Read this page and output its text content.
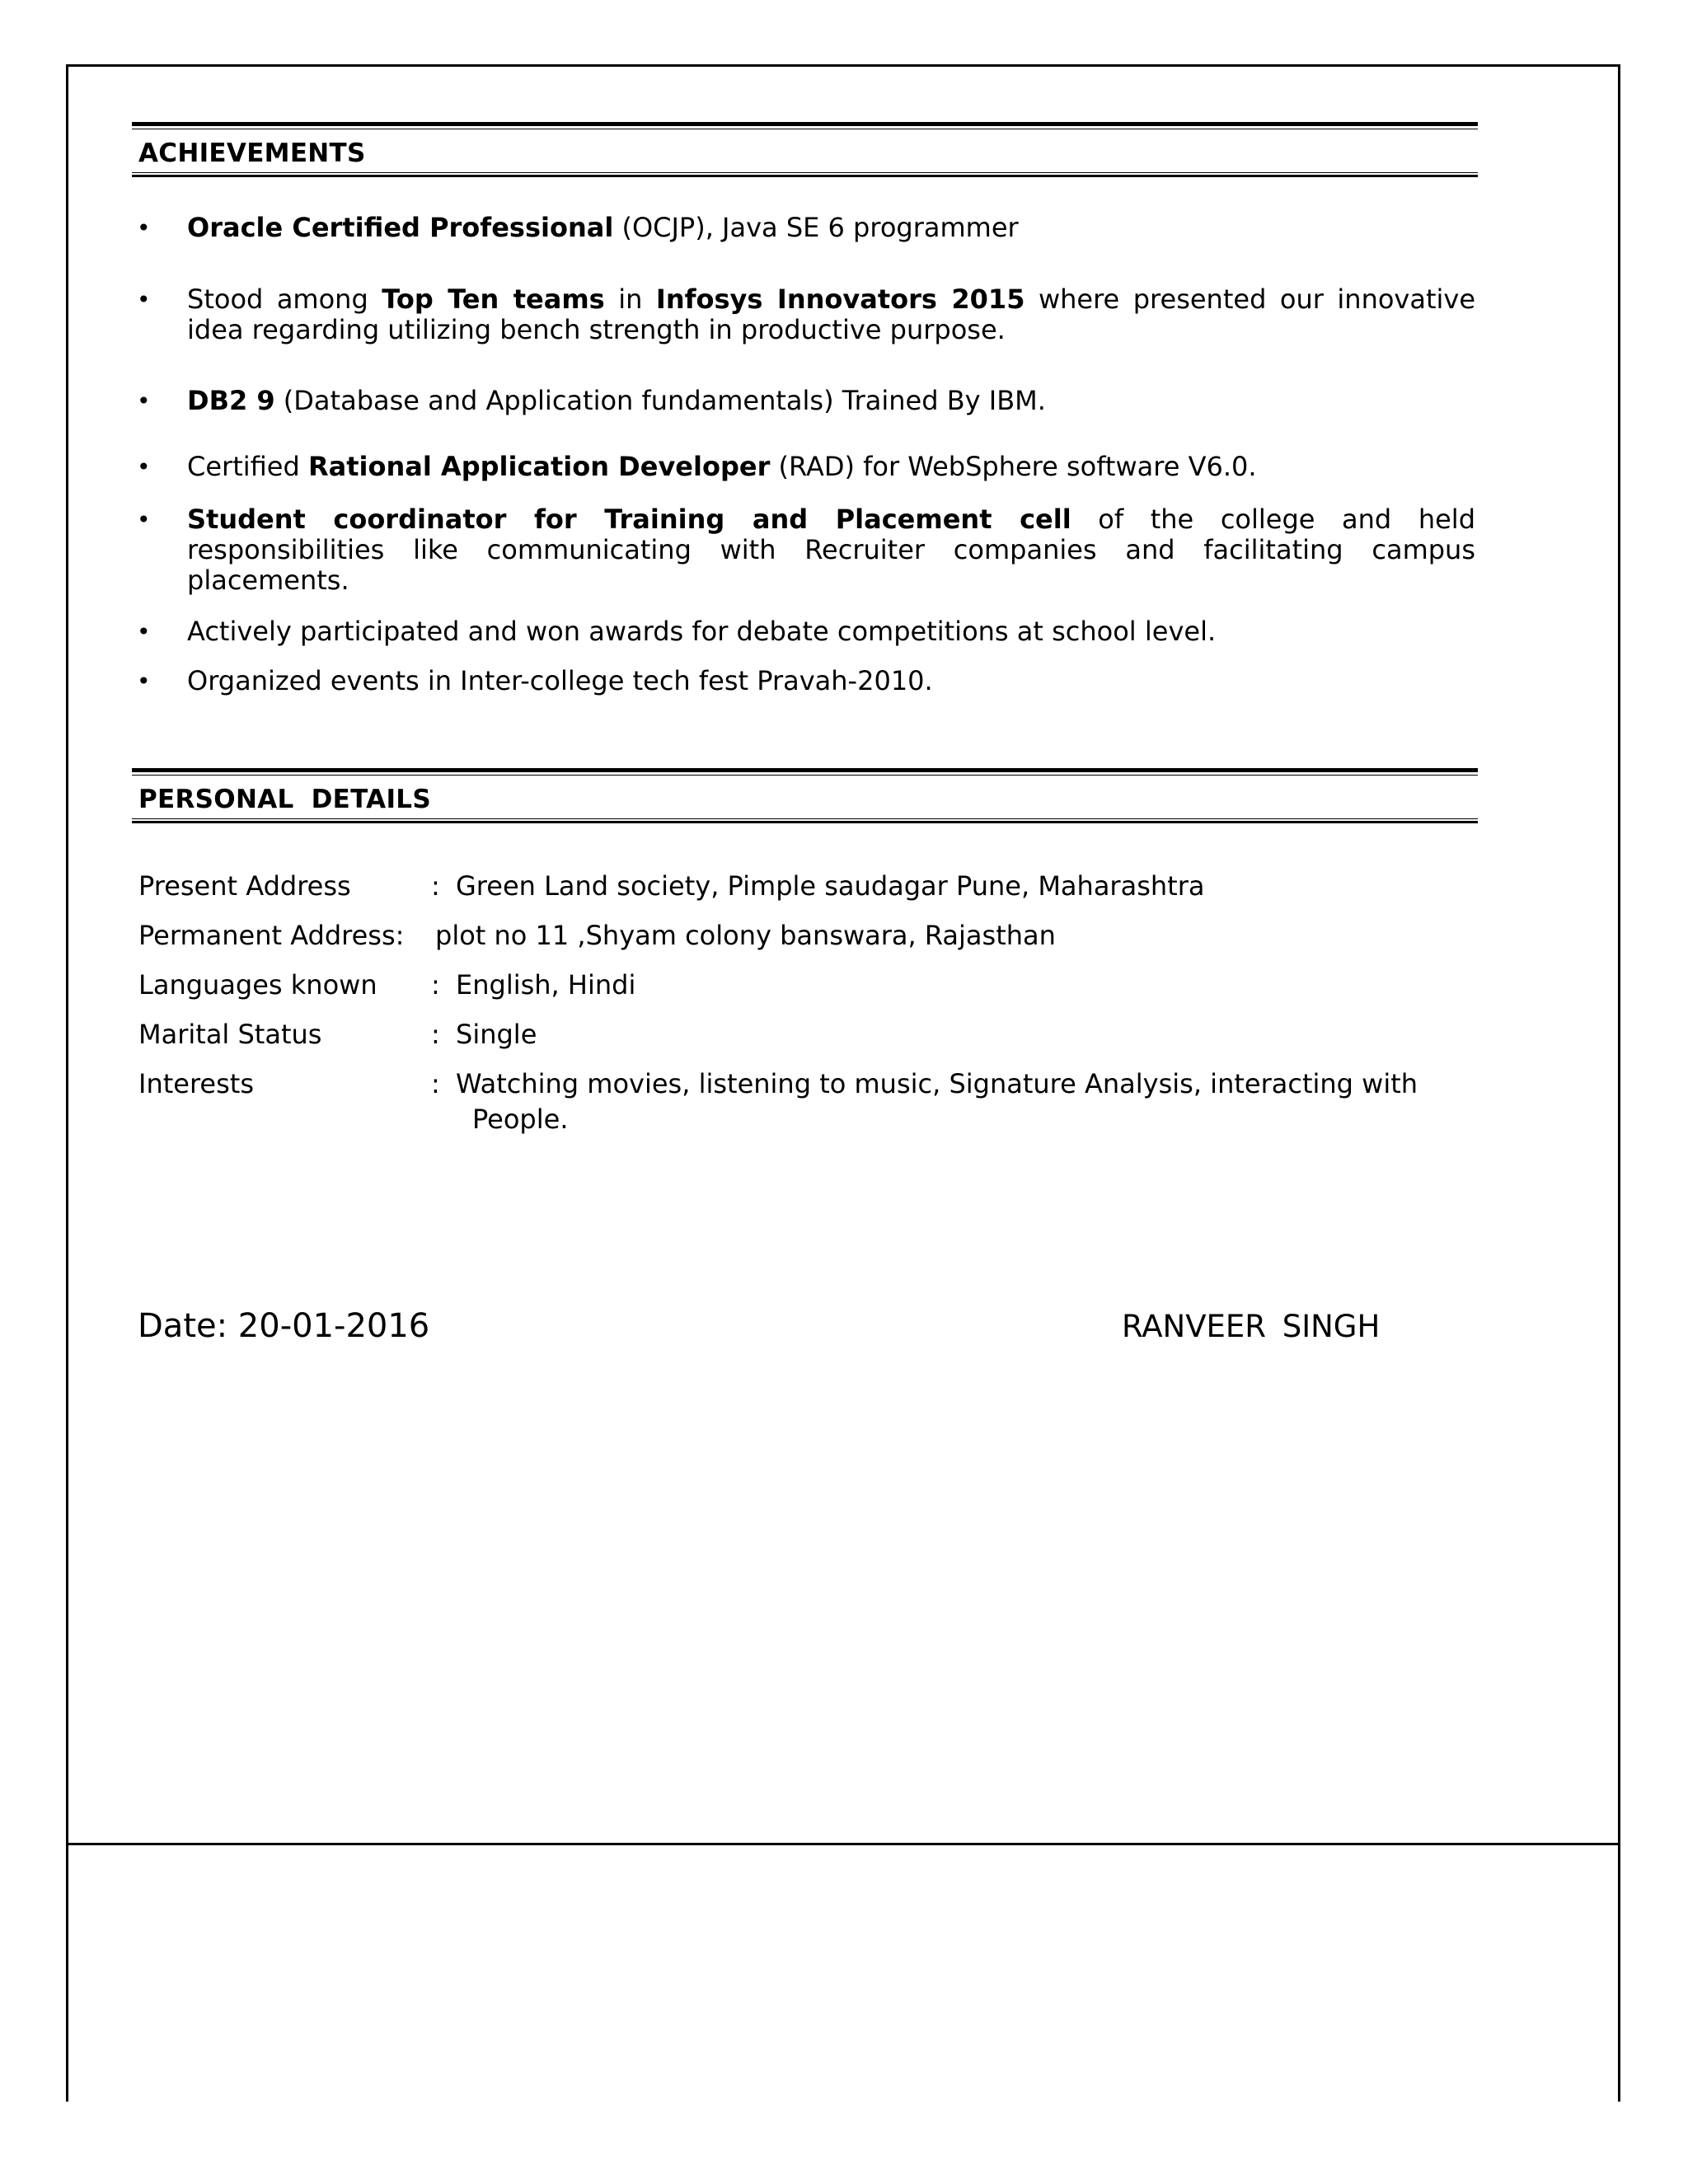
ACHIEVEMENTS
• Oracle Certified Professional (OCJP), Java SE 6 programmer
• Stood among Top Ten teams in Infosys Innovators 2015 where presented our innovative idea regarding utilizing bench strength in productive purpose.
• DB2 9 (Database and Application fundamentals) Trained By IBM.
• Certified Rational Application Developer (RAD) for WebSphere software V6.0.
• Student coordinator for Training and Placement cell of the college and held responsibilities like communicating with Recruiter companies and facilitating campus placements.
• Actively participated and won awards for debate competitions at school level.
• Organized events in Inter-college tech fest Pravah-2010.
PERSONAL DETAILS
Present Address	: Green Land society, Pimple saudagar Pune, Maharashtra
Permanent Address: plot no 11 ,Shyam colony banswara, Rajasthan
Languages known : English, Hindi
Marital Status	: Single
Interests	: Watching movies, listening to music, Signature Analysis, interacting with
People.
Date: 20-01-2016	RANVEER SINGH
